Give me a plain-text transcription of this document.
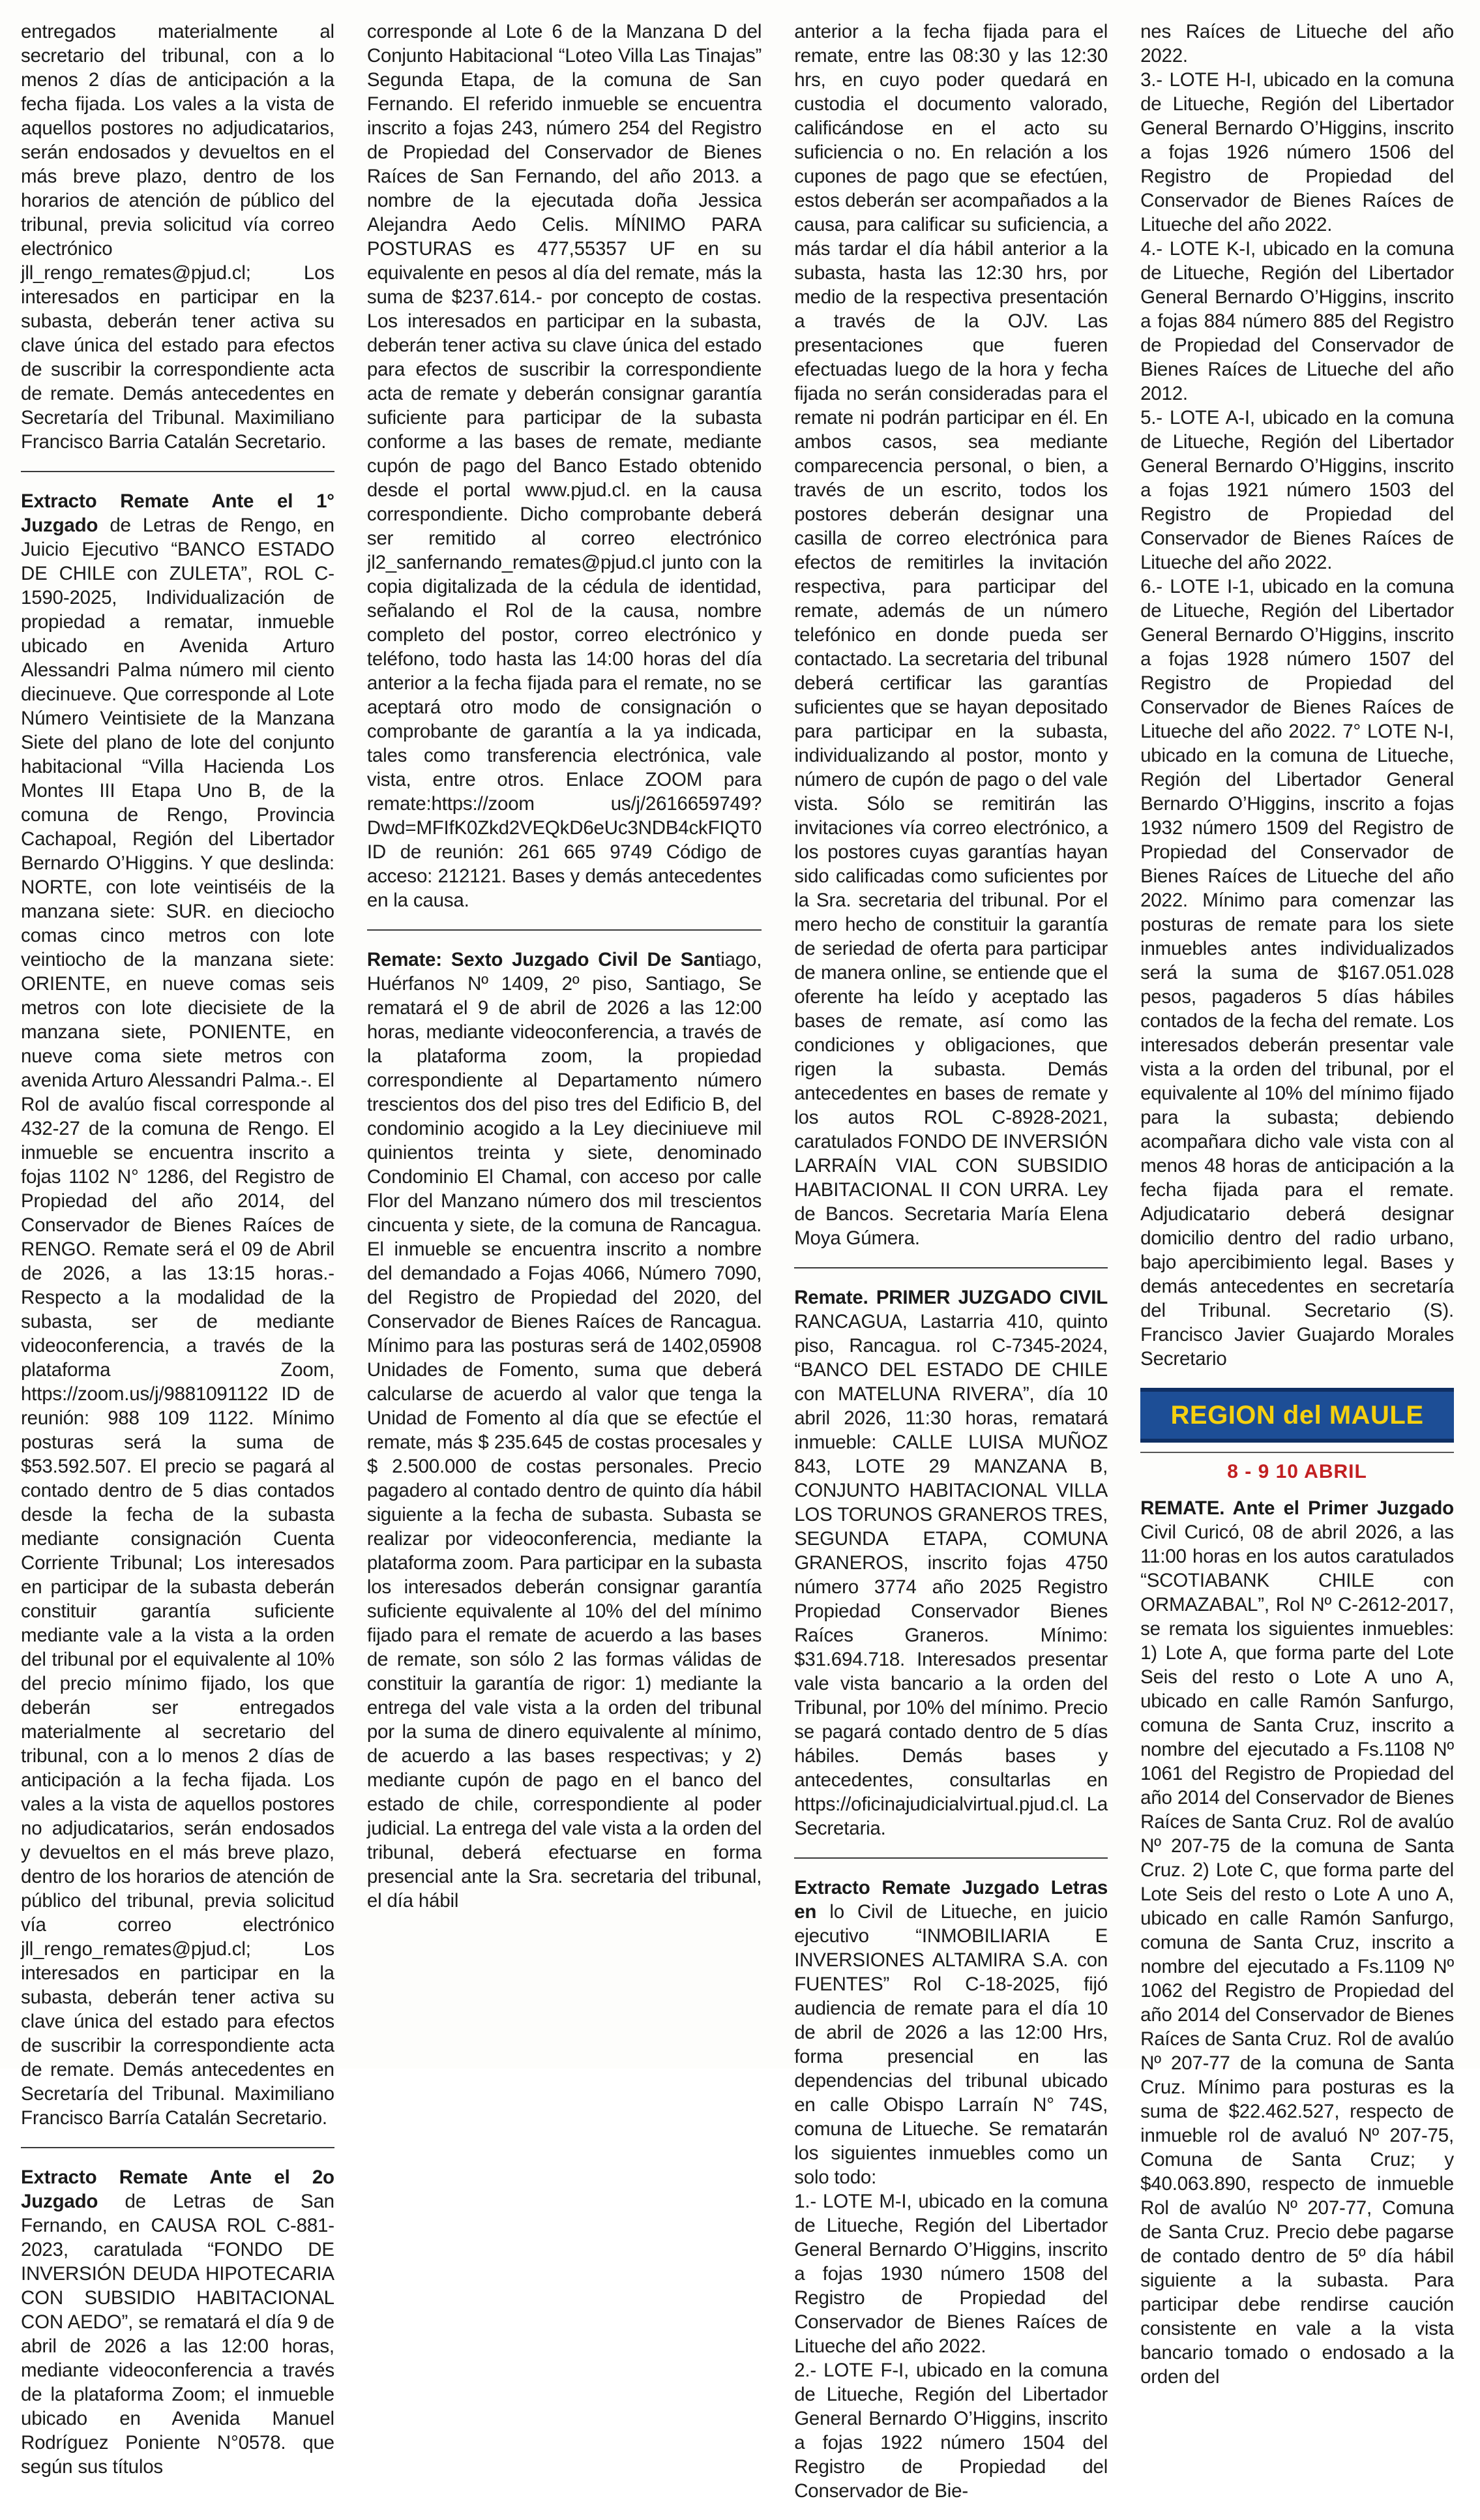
entregados materialmente al secretario del tribunal, con a lo menos 2 días de anticipación a la fecha fijada. Los vales a la vista de aquellos postores no adjudicatarios, serán endosados y devueltos en el más breve plazo, dentro de los horarios de atención de público del tribunal, previa solicitud vía correo electrónico jll_rengo_remates@pjud.cl; Los interesados en participar en la subasta, deberán tener activa su clave única del estado para efectos de suscribir la correspondiente acta de remate. Demás antecedentes en Secretaría del Tribunal. Maximiliano Francisco Barria Catalán Secretario.

Extracto Remate Ante el 1° Juzgado de Letras de Rengo, en Juicio Ejecutivo “BANCO ESTADO DE CHILE con ZULETA”, ROL C-1590-2025, Individualización de propiedad a rematar, inmueble ubicado en Avenida Arturo Alessandri Palma número mil ciento diecinueve. Que corresponde al Lote Número Veintisiete de la Manzana Siete del plano de lote del conjunto habitacional “Villa Hacienda Los Montes III Etapa Uno B, de la comuna de Rengo, Provincia Cachapoal, Región del Libertador Bernardo O’Higgins. Y que deslinda: NORTE, con lote veintiséis de la manzana siete: SUR. en dieciocho comas cinco metros con lote veintiocho de la manzana siete: ORIENTE, en nueve comas seis metros con lote diecisiete de la manzana siete, PONIENTE, en nueve coma siete metros con avenida Arturo Alessandri Palma.-. El Rol de avalúo fiscal corresponde al 432-27 de la comuna de Rengo. El inmueble se encuentra inscrito a fojas 1102 N° 1286, del Registro de Propiedad del año 2014, del Conservador de Bienes Raíces de RENGO. Remate será el 09 de Abril de 2026, a las 13:15 horas.- Respecto a la modalidad de la subasta, ser de mediante videoconferencia, a través de la plataforma Zoom, https://zoom.us/j/9881091122 ID de reunión: 988 109 1122. Mínimo posturas será la suma de $53.592.507. El precio se pagará al contado dentro de 5 dias contados desde la fecha de la subasta mediante consignación Cuenta Corriente Tribunal; Los interesados en participar de la subasta deberán constituir garantía suficiente mediante vale a la vista a la orden del tribunal por el equivalente al 10% del precio mínimo fijado, los que deberán ser entregados materialmente al secretario del tribunal, con a lo menos 2 días de anticipación a la fecha fijada. Los vales a la vista de aquellos postores no adjudicatarios, serán endosados y devueltos en el más breve plazo, dentro de los horarios de atención de público del tribunal, previa solicitud vía correo electrónico jll_rengo_remates@pjud.cl; Los interesados en participar en la subasta, deberán tener activa su clave única del estado para efectos de suscribir la correspondiente acta de remate. Demás antecedentes en Secretaría del Tribunal. Maximiliano Francisco Barría Catalán Secretario.

Extracto Remate Ante el 2o Juzgado de Letras de San Fernando, en CAUSA ROL C-881-2023, caratulada “FONDO DE INVERSIÓN DEUDA HIPOTECARIA CON SUBSIDIO HABITACIONAL CON AEDO”, se rematará el día 9 de abril de 2026 a las 12:00 horas, mediante videoconferencia a través de la plataforma Zoom; el inmueble ubicado en Avenida Manuel Rodríguez Poniente N°0578. que según sus títulos

corresponde al Lote 6 de la Manzana D del Conjunto Habitacional “Loteo Villa Las Tinajas” Segunda Etapa, de la comuna de San Fernando. El referido inmueble se encuentra inscrito a fojas 243, número 254 del Registro de Propiedad del Conservador de Bienes Raíces de San Fernando, del año 2013. a nombre de la ejecutada doña Jessica Alejandra Aedo Celis. MÍNIMO PARA POSTURAS es 477,55357 UF en su equivalente en pesos al día del remate, más la suma de $237.614.- por concepto de costas. Los interesados en participar en la subasta, deberán tener activa su clave única del estado para efectos de suscribir la correspondiente acta de remate y deberán consignar garantía suficiente para participar de la subasta conforme a las bases de remate, mediante cupón de pago del Banco Estado obtenido desde el portal www.pjud.cl. en la causa correspondiente. Dicho comprobante deberá ser remitido al correo electrónico jl2_sanfernando_remates@pjud.cl junto con la copia digitalizada de la cédula de identidad, señalando el Rol de la causa, nombre completo del postor, correo electrónico y teléfono, todo hasta las 14:00 horas del día anterior a la fecha fijada para el remate, no se aceptará otro modo de consignación o comprobante de garantía a la ya indicada, tales como transferencia electrónica, vale vista, entre otros. Enlace ZOOM para remate:https://zoom us/j/2616659749?Dwd=MFIfK0Zkd2VEQkD6eUc3NDB4ckFIQT0 ID de reunión: 261 665 9749 Código de acceso: 212121. Bases y demás antecedentes en la causa.

Remate: Sexto Juzgado Civil De Santiago, Huérfanos Nº 1409, 2º piso, Santiago, Se rematará el 9 de abril de 2026 a las 12:00 horas, mediante videoconferencia, a través de la plataforma zoom, la propiedad correspondiente al Departamento número trescientos dos del piso tres del Edificio B, del condominio acogido a la Ley dieciniueve mil quinientos treinta y siete, denominado Condominio El Chamal, con acceso por calle Flor del Manzano número dos mil trescientos cincuenta y siete, de la comuna de Rancagua. El inmueble se encuentra inscrito a nombre del demandado a Fojas 4066, Número 7090, del Registro de Propiedad del 2020, del Conservador de Bienes Raíces de Rancagua. Mínimo para las posturas será de 1402,05908 Unidades de Fomento, suma que deberá calcularse de acuerdo al valor que tenga la Unidad de Fomento al día que se efectúe el remate, más $ 235.645 de costas procesales y $ 2.500.000 de costas personales. Precio pagadero al contado dentro de quinto día hábil siguiente a la fecha de subasta. Subasta se realizar por videoconferencia, mediante la plataforma zoom. Para participar en la subasta los interesados deberán consignar garantía suficiente equivalente al 10% del del mínimo fijado para el remate de acuerdo a las bases de remate, son sólo 2 las formas válidas de constituir la garantía de rigor: 1) mediante la entrega del vale vista a la orden del tribunal por la suma de dinero equivalente al mínimo, de acuerdo a las bases respectivas; y 2) mediante cupón de pago en el banco del estado de chile, correspondiente al poder judicial. La entrega del vale vista a la orden del tribunal, deberá efectuarse en forma presencial ante la Sra. secretaria del tribunal, el día hábil

anterior a la fecha fijada para el remate, entre las 08:30 y las 12:30 hrs, en cuyo poder quedará en custodia el documento valorado, calificándose en el acto su suficiencia o no. En relación a los cupones de pago que se efectúen, estos deberán ser acompañados a la causa, para calificar su suficiencia, a más tardar el día hábil anterior a la subasta, hasta las 12:30 hrs, por medio de la respectiva presentación a través de la OJV. Las presentaciones que fueren efectuadas luego de la hora y fecha fijada no serán consideradas para el remate ni podrán participar en él. En ambos casos, sea mediante comparecencia personal, o bien, a través de un escrito, todos los postores deberán designar una casilla de correo electrónica para efectos de remitirles la invitación respectiva, para participar del remate, además de un número telefónico en donde pueda ser contactado. La secretaria del tribunal deberá certificar las garantías suficientes que se hayan depositado para participar en la subasta, individualizando al postor, monto y número de cupón de pago o del vale vista. Sólo se remitirán las invitaciones vía correo electrónico, a los postores cuyas garantías hayan sido calificadas como suficientes por la Sra. secretaria del tribunal. Por el mero hecho de constituir la garantía de seriedad de oferta para participar de manera online, se entiende que el oferente ha leído y aceptado las bases de remate, así como las condiciones y obligaciones, que rigen la subasta. Demás antecedentes en bases de remate y los autos ROL C-8928-2021, caratulados FONDO DE INVERSIÓN LARRAÍN VIAL CON SUBSIDIO HABITACIONAL II CON URRA. Ley de Bancos. Secretaria María Elena Moya Gúmera.

Remate. PRIMER JUZGADO CIVIL RANCAGUA, Lastarria 410, quinto piso, Rancagua. rol C-7345-2024, “BANCO DEL ESTADO DE CHILE con MATELUNA RIVERA”, día 10 abril 2026, 11:30 horas, rematará inmueble: CALLE LUISA MUÑOZ 843, LOTE 29 MANZANA B, CONJUNTO HABITACIONAL VILLA LOS TORUNOS GRANEROS TRES, SEGUNDA ETAPA, COMUNA GRANEROS, inscrito fojas 4750 número 3774 año 2025 Registro Propiedad Conservador Bienes Raíces Graneros. Mínimo: $31.694.718. Interesados presentar vale vista bancario a la orden del Tribunal, por 10% del mínimo. Precio se pagará contado dentro de 5 días hábiles. Demás bases y antecedentes, consultarlas en https://oficinajudicialvirtual.pjud.cl. La Secretaria.

Extracto Remate Juzgado Letras en lo Civil de Litueche, en juicio ejecutivo “INMOBILIARIA E INVERSIONES ALTAMIRA S.A. con FUENTES” Rol C-18-2025, fijó audiencia de remate para el día 10 de abril de 2026 a las 12:00 Hrs, forma presencial en las dependencias del tribunal ubicado en calle Obispo Larraín N° 74S, comuna de Litueche. Se rematarán los siguientes inmuebles como un solo todo:
1.- LOTE M-I, ubicado en la comuna de Litueche, Región del Libertador General Bernardo O’Higgins, inscrito a fojas 1930 número 1508 del Registro de Propiedad del Conservador de Bienes Raíces de Litueche del año 2022.
2.- LOTE F-I, ubicado en la comuna de Litueche, Región del Libertador General Bernardo O’Higgins, inscrito a fojas 1922 número 1504 del Registro de Propiedad del Conservador de Bie-

nes Raíces de Litueche del año 2022.
3.- LOTE H-I, ubicado en la comuna de Litueche, Región del Libertador General Bernardo O’Higgins, inscrito a fojas 1926 número 1506 del Registro de Propiedad del Conservador de Bienes Raíces de Litueche del año 2022.
4.- LOTE K-I, ubicado en la comuna de Litueche, Región del Libertador General Bernardo O’Higgins, inscrito a fojas 884 número 885 del Registro de Propiedad del Conservador de Bienes Raíces de Litueche del año 2012.
5.- LOTE A-I, ubicado en la comuna de Litueche, Región del Libertador General Bernardo O’Higgins, inscrito a fojas 1921 número 1503 del Registro de Propiedad del Conservador de Bienes Raíces de Litueche del año 2022.
6.- LOTE I-1, ubicado en la comuna de Litueche, Región del Libertador General Bernardo O’Higgins, inscrito a fojas 1928 número 1507 del Registro de Propiedad del Conservador de Bienes Raíces de Litueche del año 2022. 7° LOTE N-I, ubicado en la comuna de Litueche, Región del Libertador General Bernardo O’Higgins, inscrito a fojas 1932 número 1509 del Registro de Propiedad del Conservador de Bienes Raíces de Litueche del año 2022. Mínimo para comenzar las posturas de remate para los siete inmuebles antes individualizados será la suma de $167.051.028 pesos, pagaderos 5 días hábiles contados de la fecha del remate. Los interesados deberán presentar vale vista a la orden del tribunal, por el equivalente al 10% del mínimo fijado para la subasta; debiendo acompañara dicho vale vista con al menos 48 horas de anticipación a la fecha fijada para el remate. Adjudicatario deberá designar domicilio dentro del radio urbano, bajo apercibimiento legal. Bases y demás antecedentes en secretaría del Tribunal. Secretario (S). Francisco Javier Guajardo Morales Secretario

REGION del MAULE
8 - 9 10 ABRIL

REMATE. Ante el Primer Juzgado Civil Curicó, 08 de abril 2026, a las 11:00 horas en los autos caratulados “SCOTIABANK CHILE con ORMAZABAL”, Rol Nº C-2612-2017, se remata los siguientes inmuebles: 1) Lote A, que forma parte del Lote Seis del resto o Lote A uno A, ubicado en calle Ramón Sanfurgo, comuna de Santa Cruz, inscrito a nombre del ejecutado a Fs.1108 Nº 1061 del Registro de Propiedad del año 2014 del Conservador de Bienes Raíces de Santa Cruz. Rol de avalúo Nº 207-75 de la comuna de Santa Cruz. 2) Lote C, que forma parte del Lote Seis del resto o Lote A uno A, ubicado en calle Ramón Sanfurgo, comuna de Santa Cruz, inscrito a nombre del ejecutado a Fs.1109 Nº 1062 del Registro de Propiedad del año 2014 del Conservador de Bienes Raíces de Santa Cruz. Rol de avalúo Nº 207-77 de la comuna de Santa Cruz. Mínimo para posturas es la suma de $22.462.527, respecto de inmueble rol de avaluó Nº 207-75, Comuna de Santa Cruz; y $40.063.890, respecto de inmueble Rol de avalúo Nº 207-77, Comuna de Santa Cruz. Precio debe pagarse de contado dentro de 5º día hábil siguiente a la subasta. Para participar debe rendirse caución consistente en vale a la vista bancario tomado o endosado a la orden del
